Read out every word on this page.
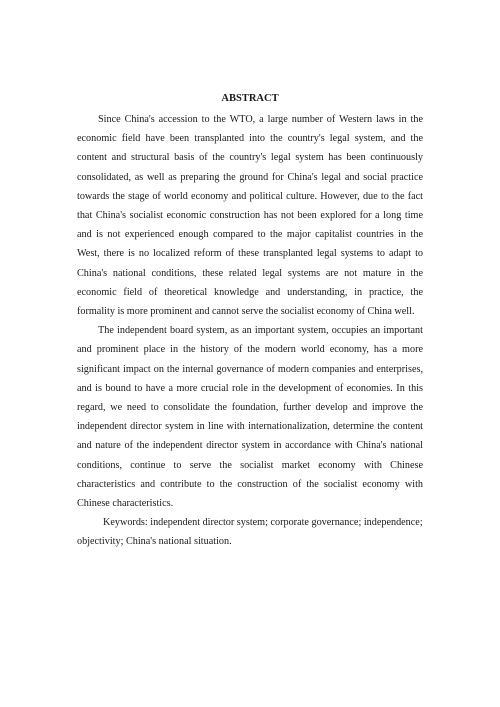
ABSTRACT

Since China's accession to the WTO, a large number of Western laws in the economic field have been transplanted into the country's legal system, and the content and structural basis of the country's legal system has been continuously consolidated, as well as preparing the ground for China's legal and social practice towards the stage of world economy and political culture. However, due to the fact that China's socialist economic construction has not been explored for a long time and is not experienced enough compared to the major capitalist countries in the West, there is no localized reform of these transplanted legal systems to adapt to China's national conditions, these related legal systems are not mature in the economic field of theoretical knowledge and understanding, in practice, the formality is more prominent and cannot serve the socialist economy of China well.

The independent board system, as an important system, occupies an important and prominent place in the history of the modern world economy, has a more significant impact on the internal governance of modern companies and enterprises, and is bound to have a more crucial role in the development of economies. In this regard, we need to consolidate the foundation, further develop and improve the independent director system in line with internationalization, determine the content and nature of the independent director system in accordance with China's national conditions, continue to serve the socialist market economy with Chinese characteristics and contribute to the construction of the socialist economy with Chinese characteristics.

Keywords: independent director system; corporate governance; independence; objectivity; China's national situation.
